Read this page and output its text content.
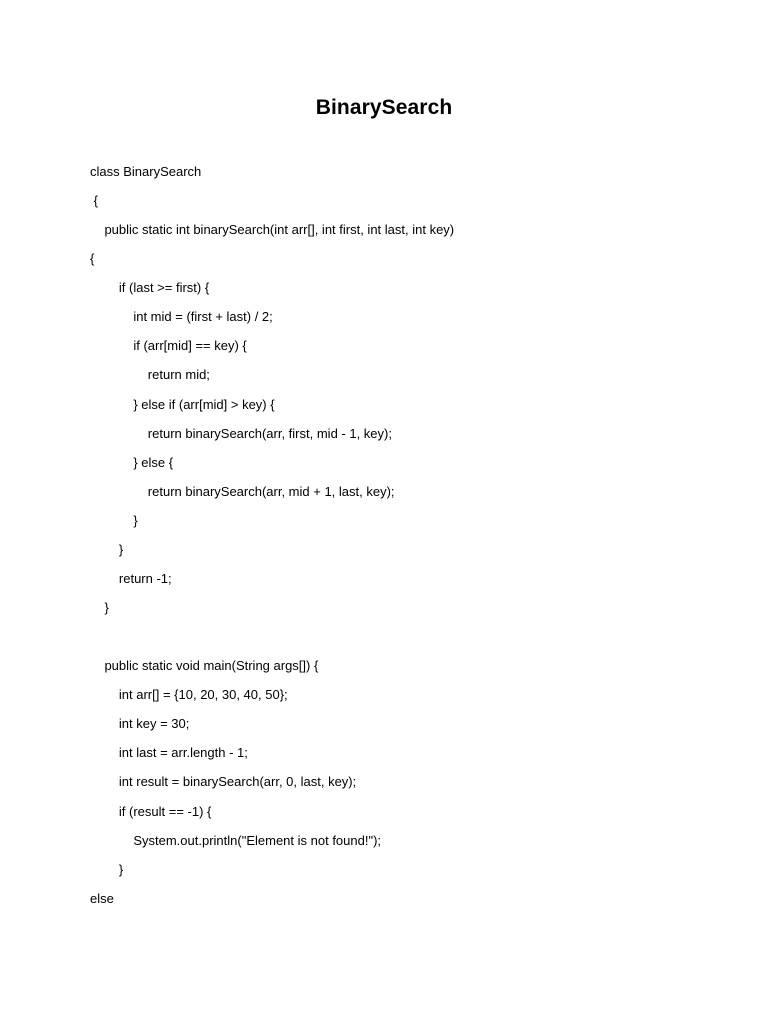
BinarySearch
class BinarySearch
{
public static int binarySearch(int arr[], int first, int last, int key)
{
if (last >= first) {
int mid = (first + last) / 2;
if (arr[mid] == key) {
return mid;
} else if (arr[mid] > key) {
return binarySearch(arr, first, mid - 1, key);
} else {
return binarySearch(arr, mid + 1, last, key);
}
}
return -1;
}
public static void main(String args[]) {
int arr[] = {10, 20, 30, 40, 50};
int key = 30;
int last = arr.length - 1;
int result = binarySearch(arr, 0, last, key);
if (result == -1) {
System.out.println("Element is not found!");
}
else
